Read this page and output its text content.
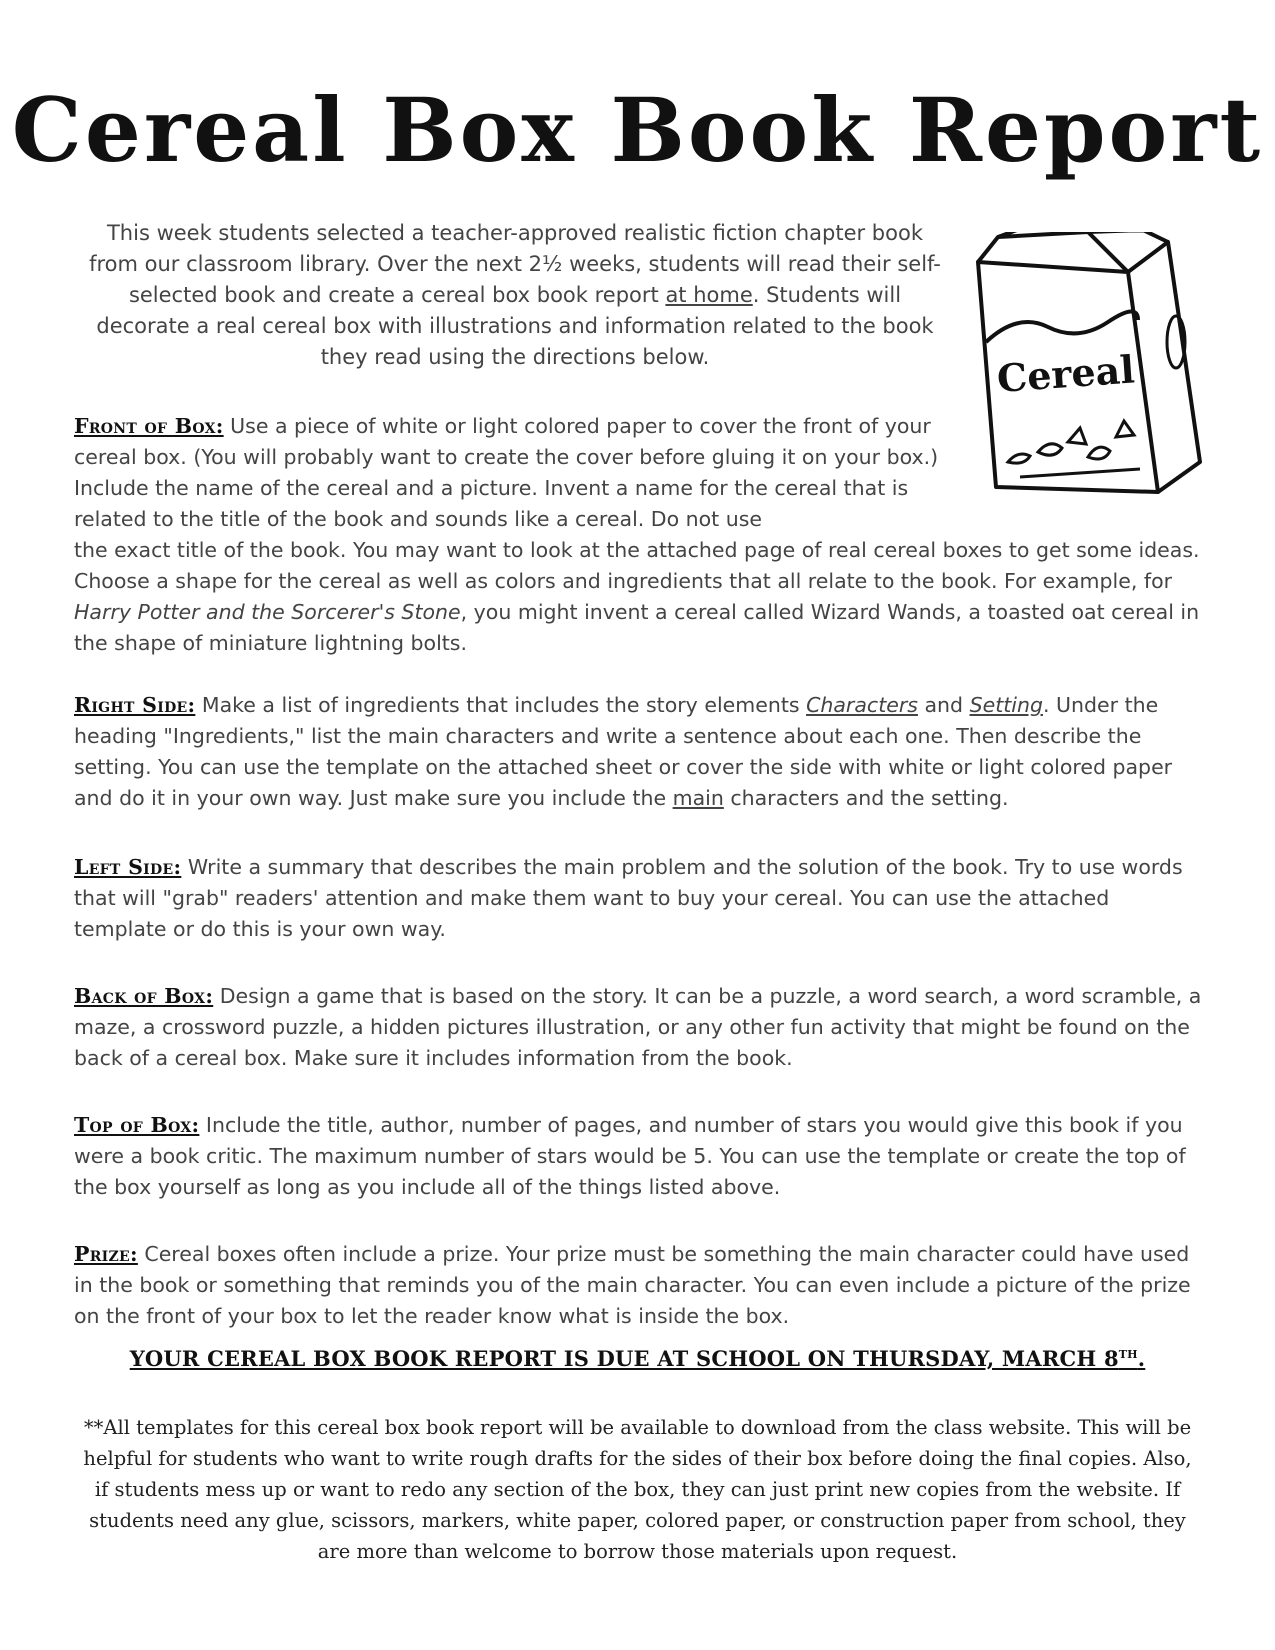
Cereal Box Book Report
This week students selected a teacher-approved realistic fiction chapter book from our classroom library. Over the next 2½ weeks, students will read their self-selected book and create a cereal box book report at home. Students will decorate a real cereal box with illustrations and information related to the book they read using the directions below.	Cereal
Front of Box: Use a piece of white or light colored paper to cover the front of your cereal box. (You will probably want to create the cover before gluing it on your box.) Include the name of the cereal and a picture. Invent a name for the cereal that is related to the title of the book and sounds like a cereal. Do not use
the exact title of the book. You may want to look at the attached page of real cereal boxes to get some ideas. Choose a shape for the cereal as well as colors and ingredients that all relate to the book. For example, for Harry Potter and the Sorcerer's Stone, you might invent a cereal called Wizard Wands, a toasted oat cereal in the shape of miniature lightning bolts.
Right Side: Make a list of ingredients that includes the story elements Characters and Setting. Under the heading "Ingredients," list the main characters and write a sentence about each one. Then describe the setting. You can use the template on the attached sheet or cover the side with white or light colored paper and do it in your own way. Just make sure you include the main characters and the setting.
Left Side: Write a summary that describes the main problem and the solution of the book. Try to use words that will "grab" readers' attention and make them want to buy your cereal. You can use the attached template or do this is your own way.
Back of Box: Design a game that is based on the story. It can be a puzzle, a word search, a word scramble, a maze, a crossword puzzle, a hidden pictures illustration, or any other fun activity that might be found on the back of a cereal box. Make sure it includes information from the book.
Top of Box: Include the title, author, number of pages, and number of stars you would give this book if you were a book critic. The maximum number of stars would be 5. You can use the template or create the top of the box yourself as long as you include all of the things listed above.
Prize: Cereal boxes often include a prize. Your prize must be something the main character could have used in the book or something that reminds you of the main character. You can even include a picture of the prize on the front of your box to let the reader know what is inside the box.
YOUR CEREAL BOX BOOK REPORT IS DUE AT SCHOOL ON THURSDAY, MARCH 8TH.
**All templates for this cereal box book report will be available to download from the class website. This will be helpful for students who want to write rough drafts for the sides of their box before doing the final copies. Also, if students mess up or want to redo any section of the box, they can just print new copies from the website. If students need any glue, scissors, markers, white paper, colored paper, or construction paper from school, they are more than welcome to borrow those materials upon request.
